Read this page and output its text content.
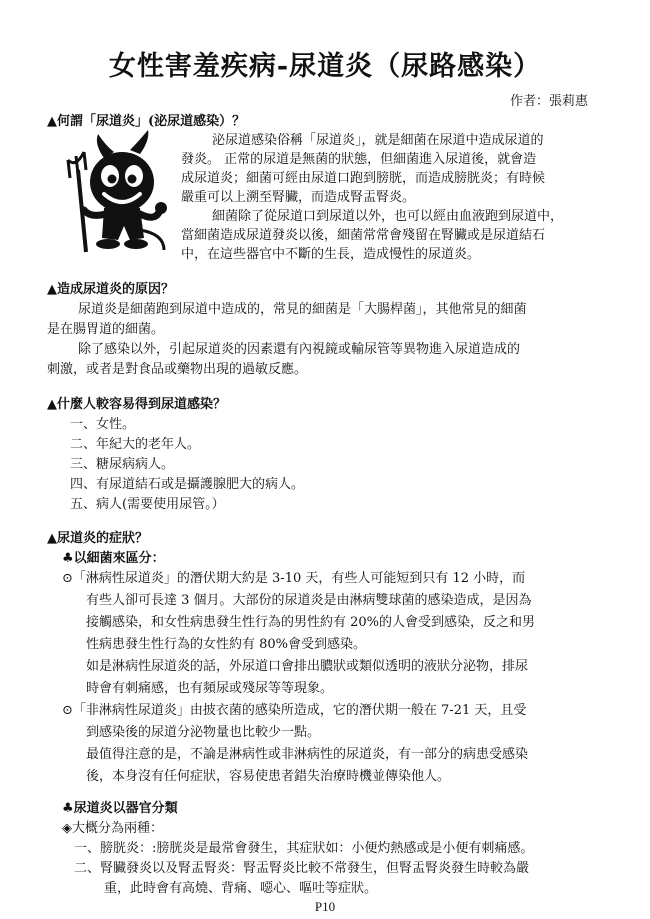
女性害羞疾病-尿道炎（尿路感染）
作者：張莉惠
▲何謂「尿道炎」(泌尿道感染）？
泌尿道感染俗稱「尿道炎」，就是細菌在尿道中造成尿道的
發炎。 正常的尿道是無菌的狀態，但細菌進入尿道後，就會造
成尿道炎；細菌可經由尿道口跑到膀胱，而造成膀胱炎；有時候
嚴重可以上溯至腎臟，而造成腎盂腎炎。
細菌除了從尿道口到尿道以外，也可以經由血液跑到尿道中，
當細菌造成尿道發炎以後，細菌常常會殘留在腎臟或是尿道結石
中，在這些器官中不斷的生長，造成慢性的尿道炎。
▲造成尿道炎的原因？
尿道炎是細菌跑到尿道中造成的，常見的細菌是「大腸桿菌」，其他常見的細菌
是在腸胃道的細菌。
除了感染以外，引起尿道炎的因素還有內視鏡或輸尿管等異物進入尿道造成的
刺激，或者是對食品或藥物出現的過敏反應。
▲什麼人較容易得到尿道感染？
一、女性。
二、年紀大的老年人。
三、糖尿病病人。
四、有尿道結石或是攝護腺肥大的病人。
五、病人(需要使用尿管。）
▲尿道炎的症狀？
♣以細菌來區分：
⊙「淋病性尿道炎」的潛伏期大約是 3-10 天，有些人可能短到只有 12 小時，而
有些人卻可長達 3 個月。大部份的尿道炎是由淋病雙球菌的感染造成，是因為
接觸感染，和女性病患發生性行為的男性約有 20%的人會受到感染，反之和男
性病患發生性行為的女性約有 80%會受到感染。
如是淋病性尿道炎的話，外尿道口會排出膿狀或類似透明的液狀分泌物，排尿
時會有刺痛感，也有頻尿或殘尿等等現象。
⊙「非淋病性尿道炎」由披衣菌的感染所造成，它的潛伏期一般在 7-21 天，且受
到感染後的尿道分泌物量也比較少一點。
最值得注意的是，不論是淋病性或非淋病性的尿道炎，有一部分的病患受感染
後，本身沒有任何症狀，容易使患者錯失治療時機並傳染他人。
♣尿道炎以器官分類
◈大概分為兩種：
一、膀胱炎：:膀胱炎是最常會發生，其症狀如：小便灼熱感或是小便有刺痛感。
二、腎臟發炎以及腎盂腎炎：腎盂腎炎比較不常發生，但腎盂腎炎發生時較為嚴
重，此時會有高燒、背痛、噁心、嘔吐等症狀。
P10
